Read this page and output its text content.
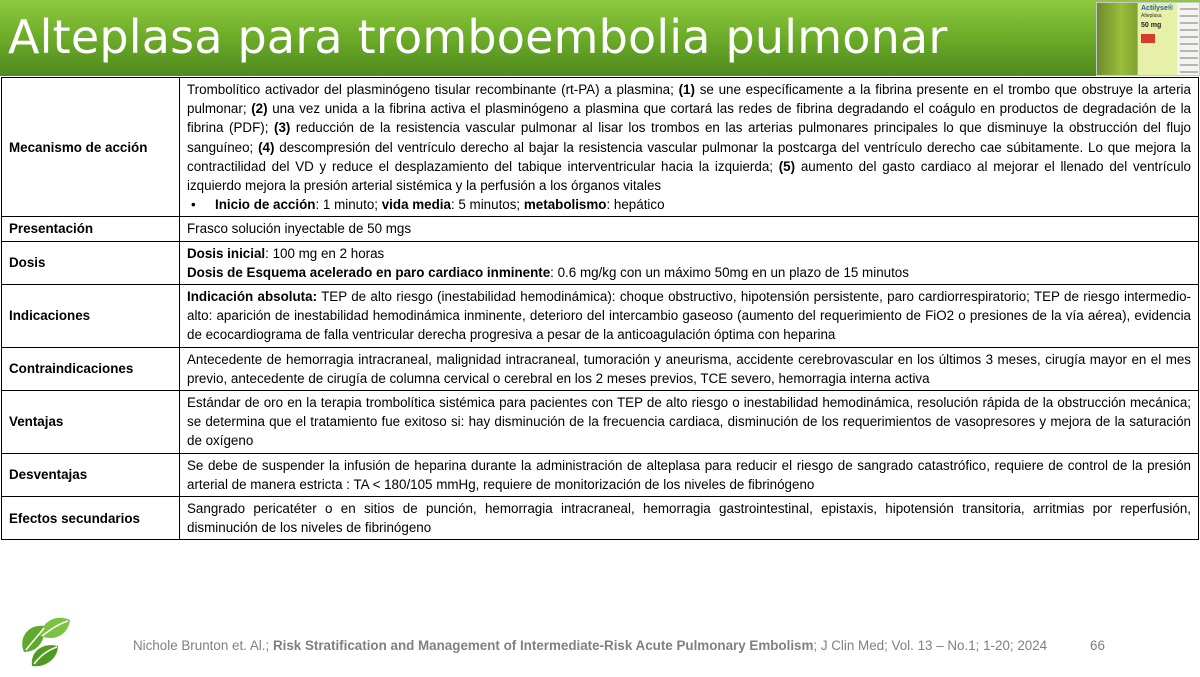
Alteplasa para tromboembolia pulmonar
Actilyse®
Alteplasa
50 mg
Mecanismo de acción	Trombolítico activador del plasminógeno tisular recombinante (rt-PA) a plasmina; (1) se une específicamente a la fibrina presente en el trombo que obstruye la arteria pulmonar; (2) una vez unida a la fibrina activa el plasminógeno a plasmina que cortará las redes de fibrina degradando el coágulo en productos de degradación de la fibrina (PDF); (3) reducción de la resistencia vascular pulmonar al lisar los trombos en las arterias pulmonares principales lo que disminuye la obstrucción del flujo sanguíneo; (4) descompresión del ventrículo derecho al bajar la resistencia vascular pulmonar la postcarga del ventrículo derecho cae súbitamente. Lo que mejora la contractilidad del VD y reduce el desplazamiento del tabique interventricular hacia la izquierda; (5) aumento del gasto cardiaco al mejorar el llenado del ventrículo izquierdo mejora la presión arterial sistémica y la perfusión a los órganos vitales
• Inicio de acción: 1 minuto; vida media: 5 minutos; metabolismo: hepático

Presentación	Frasco solución inyectable de 50 mgs

Dosis	Dosis inicial: 100 mg en 2 horas
Dosis de Esquema acelerado en paro cardiaco inminente: 0.6 mg/kg con un máximo 50mg en un plazo de 15 minutos

Indicaciones	Indicación absoluta: TEP de alto riesgo (inestabilidad hemodinámica): choque obstructivo, hipotensión persistente, paro cardiorrespiratorio; TEP de riesgo intermedio-alto: aparición de inestabilidad hemodinámica inminente, deterioro del intercambio gaseoso (aumento del requerimiento de FiO2 o presiones de la vía aérea), evidencia de ecocardiograma de falla ventricular derecha progresiva a pesar de la anticoagulación óptima con heparina

Contraindicaciones	Antecedente de hemorragia intracraneal, malignidad intracraneal, tumoración y aneurisma, accidente cerebrovascular en los últimos 3 meses, cirugía mayor en el mes previo, antecedente de cirugía de columna cervical o cerebral en los 2 meses previos, TCE severo, hemorragia interna activa

Ventajas	Estándar de oro en la terapia trombolítica sistémica para pacientes con TEP de alto riesgo o inestabilidad hemodinámica, resolución rápida de la obstrucción mecánica; se determina que el tratamiento fue exitoso si: hay disminución de la frecuencia cardiaca, disminución de los requerimientos de vasopresores y mejora de la saturación de oxígeno

Desventajas	Se debe de suspender la infusión de heparina durante la administración de alteplasa para reducir el riesgo de sangrado catastrófico, requiere de control de la presión arterial de manera estricta : TA < 180/105 mmHg, requiere de monitorización de los niveles de fibrinógeno

Efectos secundarios	Sangrado pericatéter o en sitios de punción, hemorragia intracraneal, hemorragia gastrointestinal, epistaxis, hipotensión transitoria, arritmias por reperfusión, disminución de los niveles de fibrinógeno
Nichole Brunton et. Al.; Risk Stratification and Management of Intermediate-Risk Acute Pulmonary Embolism; J Clin Med; Vol. 13 – No.1; 1-20; 2024	66
